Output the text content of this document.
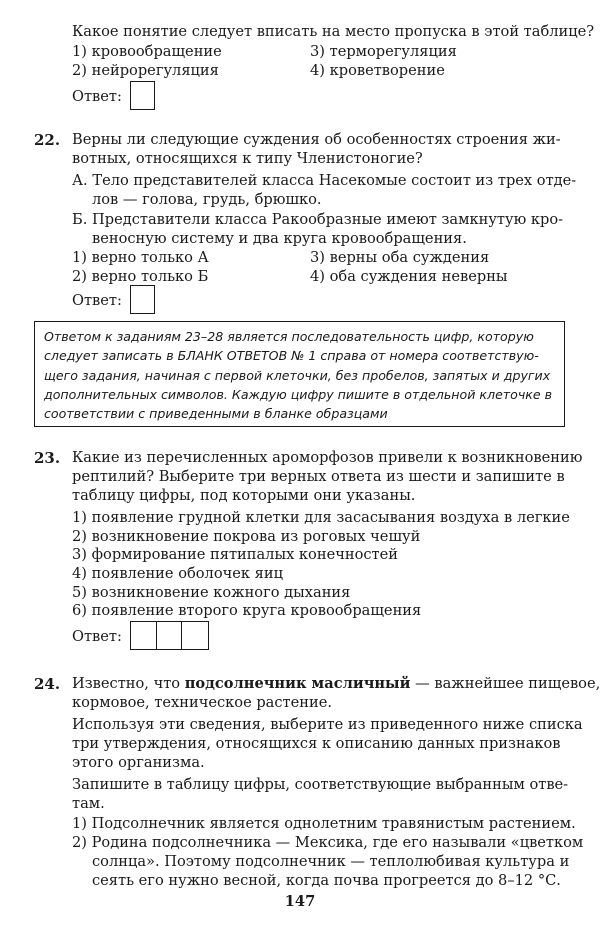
Какое понятие следует вписать на место пропуска в этой таблице?
1) кровообращение
2) нейрорегуляция
3) терморегуляция
4) кроветворение
Ответ:
22. Верны ли следующие суждения об особенностях строения жи-
вотных, относящихся к типу Членистоногие?
А. Тело представителей класса Насекомые состоит из трех отде-
лов — голова, грудь, брюшко.
Б. Представители класса Ракообразные имеют замкнутую кро-
веносную систему и два круга кровообращения.
1) верно только А
2) верно только Б
3) верны оба суждения
4) оба суждения неверны
Ответ:
Ответом к заданиям 23–28 является последовательность цифр, которую
следует записать в БЛАНК ОТВЕТОВ № 1 справа от номера соответствую-
щего задания, начиная с первой клеточки, без пробелов, запятых и других
дополнительных символов. Каждую цифру пишите в отдельной клеточке в
соответствии с приведенными в бланке образцами
23. Какие из перечисленных ароморфозов привели к возникновению
рептилий? Выберите три верных ответа из шести и запишите в
таблицу цифры, под которыми они указаны.
1) появление грудной клетки для засасывания воздуха в легкие
2) возникновение покрова из роговых чешуй
3) формирование пятипалых конечностей
4) появление оболочек яиц
5) возникновение кожного дыхания
6) появление второго круга кровообращения
Ответ:
24. Известно, что подсолнечник масличный — важнейшее пищевое,
кормовое, техническое растение.
Используя эти сведения, выберите из приведенного ниже списка
три утверждения, относящихся к описанию данных признаков
этого организма.
Запишите в таблицу цифры, соответствующие выбранным отве-
там.
1) Подсолнечник является однолетним травянистым растением.
2) Родина подсолнечника — Мексика, где его называли «цветком
солнца». Поэтому подсолнечник — теплолюбивая культура и
сеять его нужно весной, когда почва прогреется до 8–12 °С.
147
